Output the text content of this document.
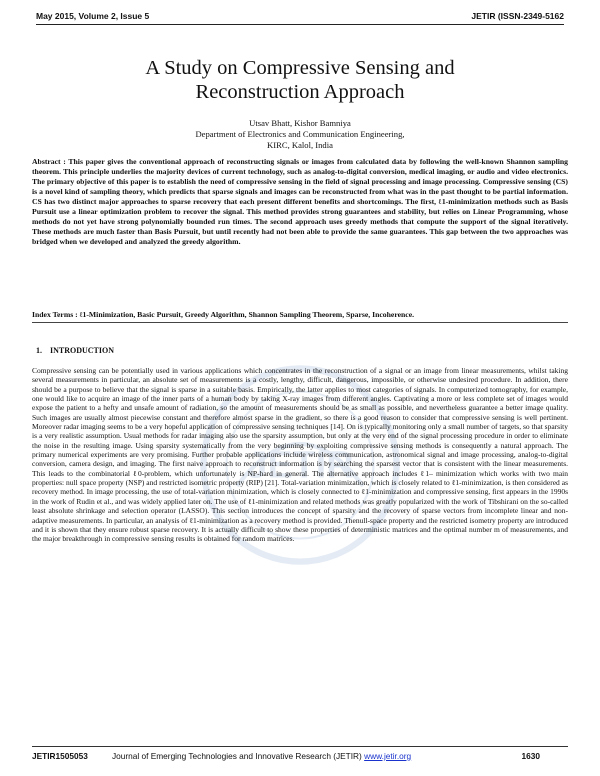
May 2015, Volume 2, Issue 5	JETIR (ISSN-2349-5162
JETIR
A Study on Compressive Sensing and
Reconstruction Approach
Utsav Bhatt, Kishor Bamniya
Department of Electronics and Communication Engineering,
KIRC, Kalol, India
Abstract : This paper gives the conventional approach of reconstructing signals or images from calculated data by following the well-known Shannon sampling theorem. This principle underlies the majority devices of current technology, such as analog-to-digital conversion, medical imaging, or audio and video electronics. The primary objective of this paper is to establish the need of compressive sensing in the field of signal processing and image processing. Compressive sensing (CS) is a novel kind of sampling theory, which predicts that sparse signals and images can be reconstructed from what was in the past thought to be partial information. CS has two distinct major approaches to sparse recovery that each present different benefits and shortcomings. The first, ℓ1-minimization methods such as Basis Pursuit use a linear optimization problem to recover the signal. This method provides strong guarantees and stability, but relies on Linear Programming, whose methods do not yet have strong polynomially bounded run times. The second approach uses greedy methods that compute the support of the signal iteratively. These methods are much faster than Basis Pursuit, but until recently had not been able to provide the same guarantees. This gap between the two approaches was bridged when we developed and analyzed the greedy algorithm.
Index Terms : ℓ1-Minimization, Basic Pursuit, Greedy Algorithm, Shannon Sampling Theorem, Sparse, Incoherence.
1. INTRODUCTION

Compressive sensing can be potentially used in various applications which concentrates in the reconstruction of a signal or an image from linear measurements, whilst taking several measurements in particular, an absolute set of measurements is a costly, lengthy, difficult, dangerous, impossible, or otherwise undesired procedure. In addition, there should be a purpose to believe that the signal is sparse in a suitable basis. Empirically, the latter applies to most categories of signals. In computerized tomography, for example, one would like to acquire an image of the inner parts of a human body by taking X-ray images from different angles. Captivating a more or less complete set of images would expose the patient to a hefty and unsafe amount of radiation, so the amount of measurements should be as small as possible, and nevertheless guarantee a better image quality. Such images are usually almost piecewise constant and therefore almost sparse in the gradient, so there is a good reason to consider that compressive sensing is well pertinent. Moreover radar imaging seems to be a very hopeful application of compressive sensing techniques [14]. On is typically monitoring only a small number of targets, so that sparsity is a very realistic assumption. Usual methods for radar imaging also use the sparsity assumption, but only at the very end of the signal processing procedure in order to eliminate the noise in the resulting image. Using sparsity systematically from the very beginning by exploiting compressive sensing methods is consequently a natural approach. The primary numerical experiments are very promising. Further probable applications include wireless communication, astronomical signal and image processing, analog-to-digital conversion, camera design, and imaging. The first naive approach to reconstruct information is by searching the sparsest vector that is consistent with the linear measurements. This leads to the combinatorial ℓ0-problem, which unfortunately is NP-hard in general. The alternative approach includes ℓ1– minimization which works with two main properties: null space property (NSP) and restricted isometric property (RIP) [21]. Total-variation minimization, which is closely related to ℓ1-minimization, is then considered as recovery method. In image processing, the use of total-variation minimization, which is closely connected to ℓ1-minimization and compressive sensing, first appears in the 1990s in the work of Rudin et al., and was widely applied later on. The use of ℓ1-minimization and related methods was greatly popularized with the work of Tibshirani on the so-called least absolute shrinkage and selection operator (LASSO). This section introduces the concept of sparsity and the recovery of sparse vectors from incomplete linear and non-adaptive measurements. In particular, an analysis of ℓ1-minimization as a recovery method is provided. Thenull-space property and the restricted isometry property are introduced and it is shown that they ensure robust sparse recovery. It is actually difficult to show these properties of deterministic matrices and the optimal number m of measurements, and the major breakthrough in compressive sensing results is obtained for random matrices.

JETIR1505053	Journal of Emerging Technologies and Innovative Research (JETIR) www.jetir.org	1630
